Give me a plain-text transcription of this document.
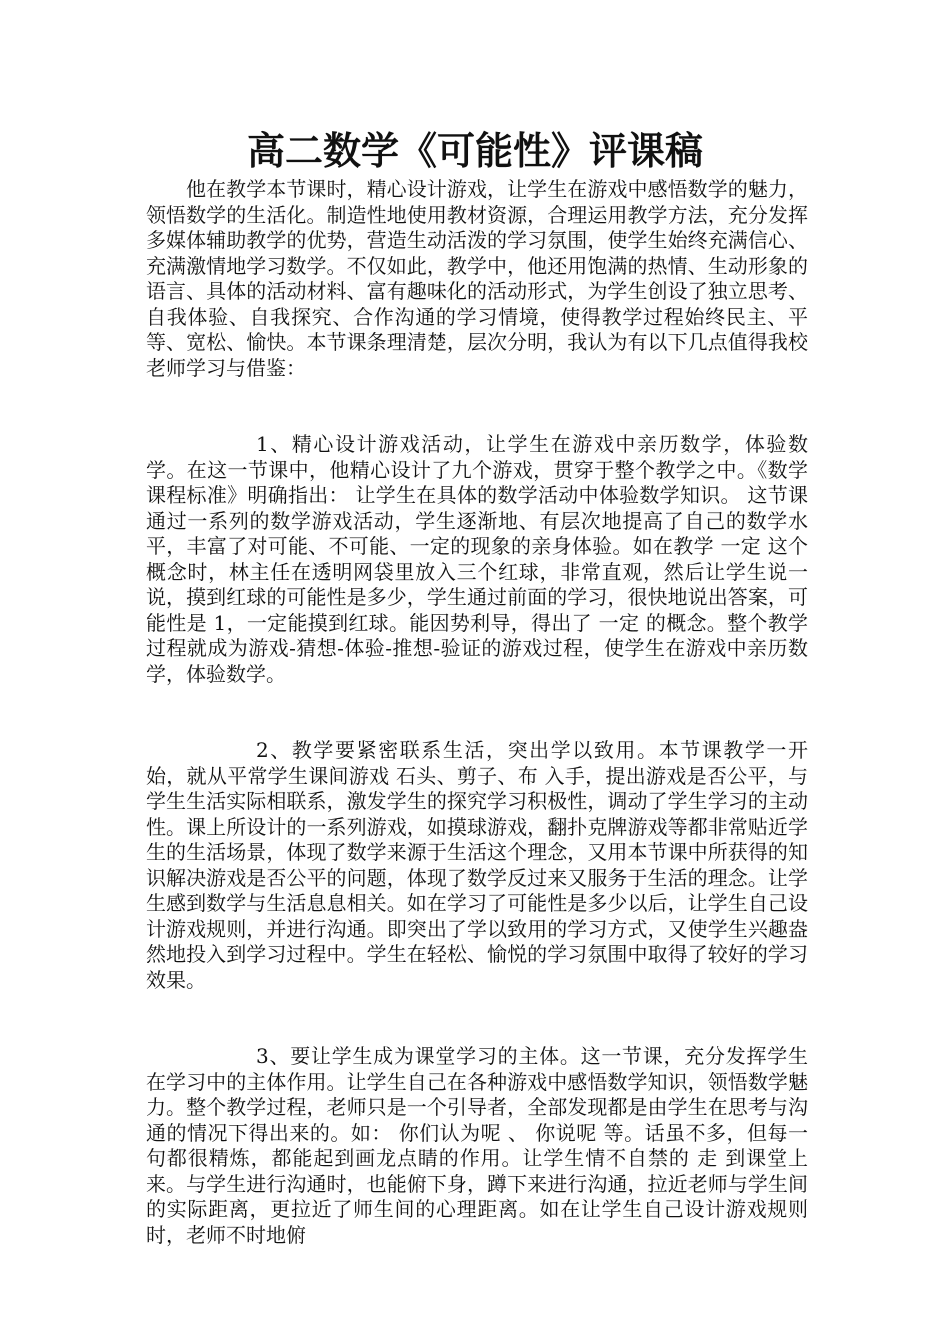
高二数学《可能性》评课稿

他在教学本节课时，精心设计游戏，让学生在游戏中感悟数学的魅力，领悟数学的生活化。制造性地使用教材资源，合理运用教学方法，充分发挥多媒体辅助教学的优势，营造生动活泼的学习氛围，使学生始终充满信心、充满激情地学习数学。不仅如此，教学中，他还用饱满的热情、生动形象的语言、具体的活动材料、富有趣味化的活动形式，为学生创设了独立思考、自我体验、自我探究、合作沟通的学习情境，使得教学过程始终民主、平等、宽松、愉快。本节课条理清楚，层次分明，我认为有以下几点值得我校老师学习与借鉴：

1、精心设计游戏活动，让学生在游戏中亲历数学，体验数学。在这一节课中，他精心设计了九个游戏，贯穿于整个教学之中。《数学课程标准》明确指出： 让学生在具体的数学活动中体验数学知识。 这节课通过一系列的数学游戏活动，学生逐渐地、有层次地提高了自己的数学水平，丰富了对可能、不可能、一定的现象的亲身体验。如在教学 一定 这个概念时，林主任在透明网袋里放入三个红球，非常直观，然后让学生说一说，摸到红球的可能性是多少，学生通过前面的学习，很快地说出答案，可能性是 1，一定能摸到红球。能因势利导，得出了 一定 的概念。整个教学过程就成为游戏-猜想-体验-推想-验证的游戏过程，使学生在游戏中亲历数学，体验数学。

2、教学要紧密联系生活，突出学以致用。本节课教学一开始，就从平常学生课间游戏 石头、剪子、布 入手，提出游戏是否公平，与学生生活实际相联系，激发学生的探究学习积极性，调动了学生学习的主动性。课上所设计的一系列游戏，如摸球游戏，翻扑克牌游戏等都非常贴近学生的生活场景，体现了数学来源于生活这个理念，又用本节课中所获得的知识解决游戏是否公平的问题，体现了数学反过来又服务于生活的理念。让学生感到数学与生活息息相关。如在学习了可能性是多少以后，让学生自己设计游戏规则，并进行沟通。即突出了学以致用的学习方式，又使学生兴趣盎然地投入到学习过程中。学生在轻松、愉悦的学习氛围中取得了较好的学习效果。

3、要让学生成为课堂学习的主体。这一节课，充分发挥学生在学习中的主体作用。让学生自己在各种游戏中感悟数学知识，领悟数学魅力。整个教学过程，老师只是一个引导者，全部发现都是由学生在思考与沟通的情况下得出来的。如： 你们认为呢 、 你说呢 等。话虽不多，但每一句都很精炼，都能起到画龙点睛的作用。让学生情不自禁的 走 到课堂上来。与学生进行沟通时，也能俯下身，蹲下来进行沟通，拉近老师与学生间的实际距离，更拉近了师生间的心理距离。如在让学生自己设计游戏规则时，老师不时地俯
